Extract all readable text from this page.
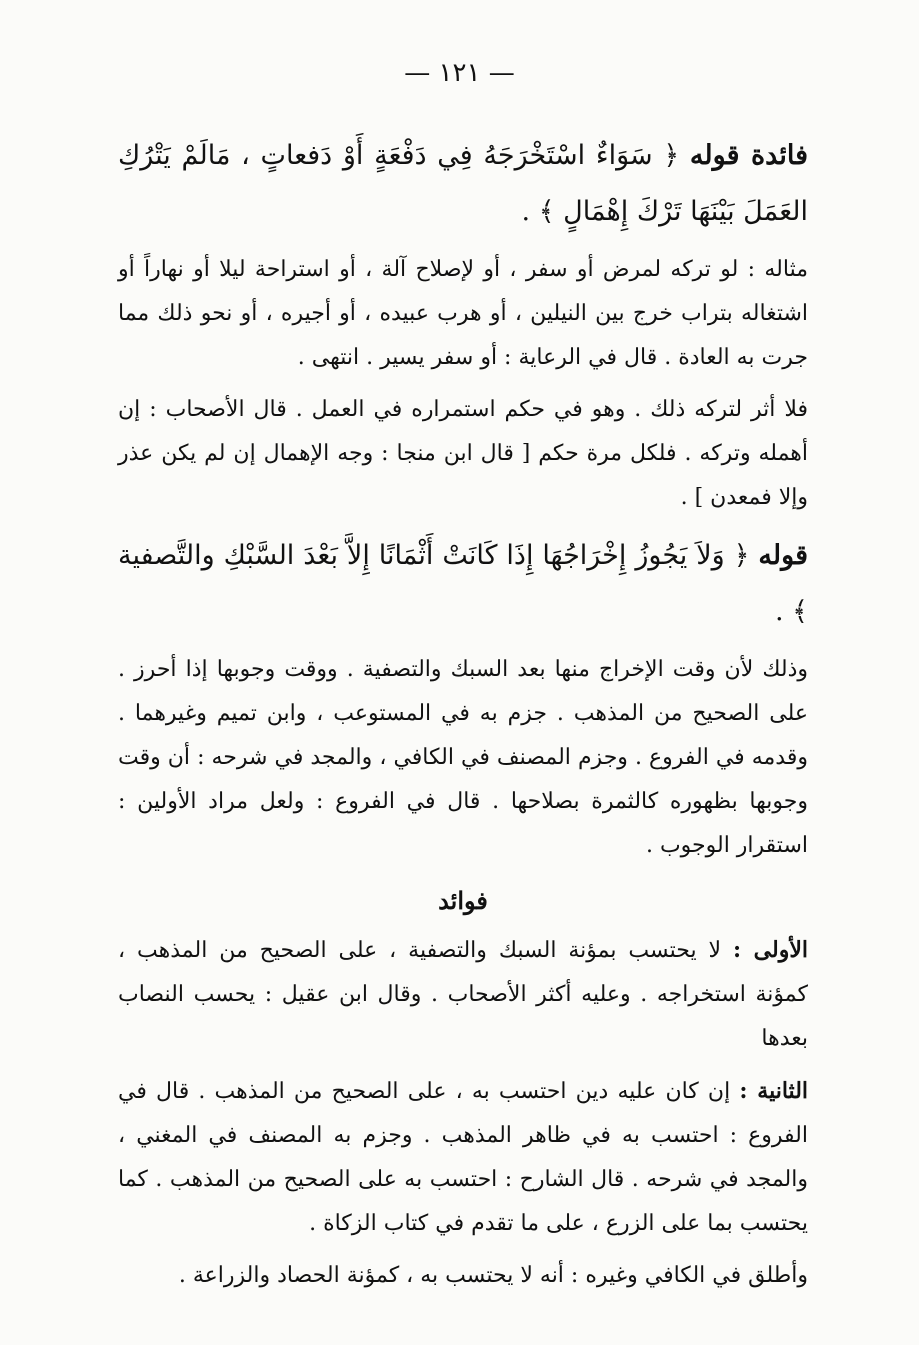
— ١٢١ —

فائدة قوله ﴿ سَوَاءٌ اسْتَخْرَجَهُ فِي دَفْعَةٍ أَوْ دَفعاتٍ ، مَالَمْ يَتْرُكِ العَمَلَ بَيْنَهَا تَرْكَ إِهْمَالٍ ﴾ .

مثاله : لو تركه لمرض أو سفر ، أو لإصلاح آلة ، أو استراحة ليلا أو نهاراً أو اشتغاله بتراب خرج بين النيلين ، أو هرب عبيده ، أو أجيره ، أو نحو ذلك مما جرت به العادة . قال في الرعاية : أو سفر يسير . انتهى .

فلا أثر لتركه ذلك . وهو في حكم استمراره في العمل . قال الأصحاب : إن أهمله وتركه . فلكل مرة حكم [ قال ابن منجا : وجه الإهمال إن لم يكن عذر وإلا فمعدن ] .

قوله ﴿ وَلاَ يَجُوزُ إِخْرَاجُهَا إِذَا كَانَتْ أَثْمَانًا إِلاَّ بَعْدَ السَّبْكِ والتَّصفية ﴾ .

وذلك لأن وقت الإخراج منها بعد السبك والتصفية . ووقت وجوبها إذا أحرز . على الصحيح من المذهب . جزم به في المستوعب ، وابن تميم وغيرهما . وقدمه في الفروع . وجزم المصنف في الكافي ، والمجد في شرحه : أن وقت وجوبها بظهوره كالثمرة بصلاحها . قال في الفروع : ولعل مراد الأولين : استقرار الوجوب .

فوائد

الأولى : لا يحتسب بمؤنة السبك والتصفية ، على الصحيح من المذهب ، كمؤنة استخراجه . وعليه أكثر الأصحاب . وقال ابن عقيل : يحسب النصاب بعدها

الثانية : إن كان عليه دين احتسب به ، على الصحيح من المذهب . قال في الفروع : احتسب به في ظاهر المذهب . وجزم به المصنف في المغني ، والمجد في شرحه . قال الشارح : احتسب به على الصحيح من المذهب . كما يحتسب بما على الزرع ، على ما تقدم في كتاب الزكاة .

وأطلق في الكافي وغيره : أنه لا يحتسب به ، كمؤنة الحصاد والزراعة .
